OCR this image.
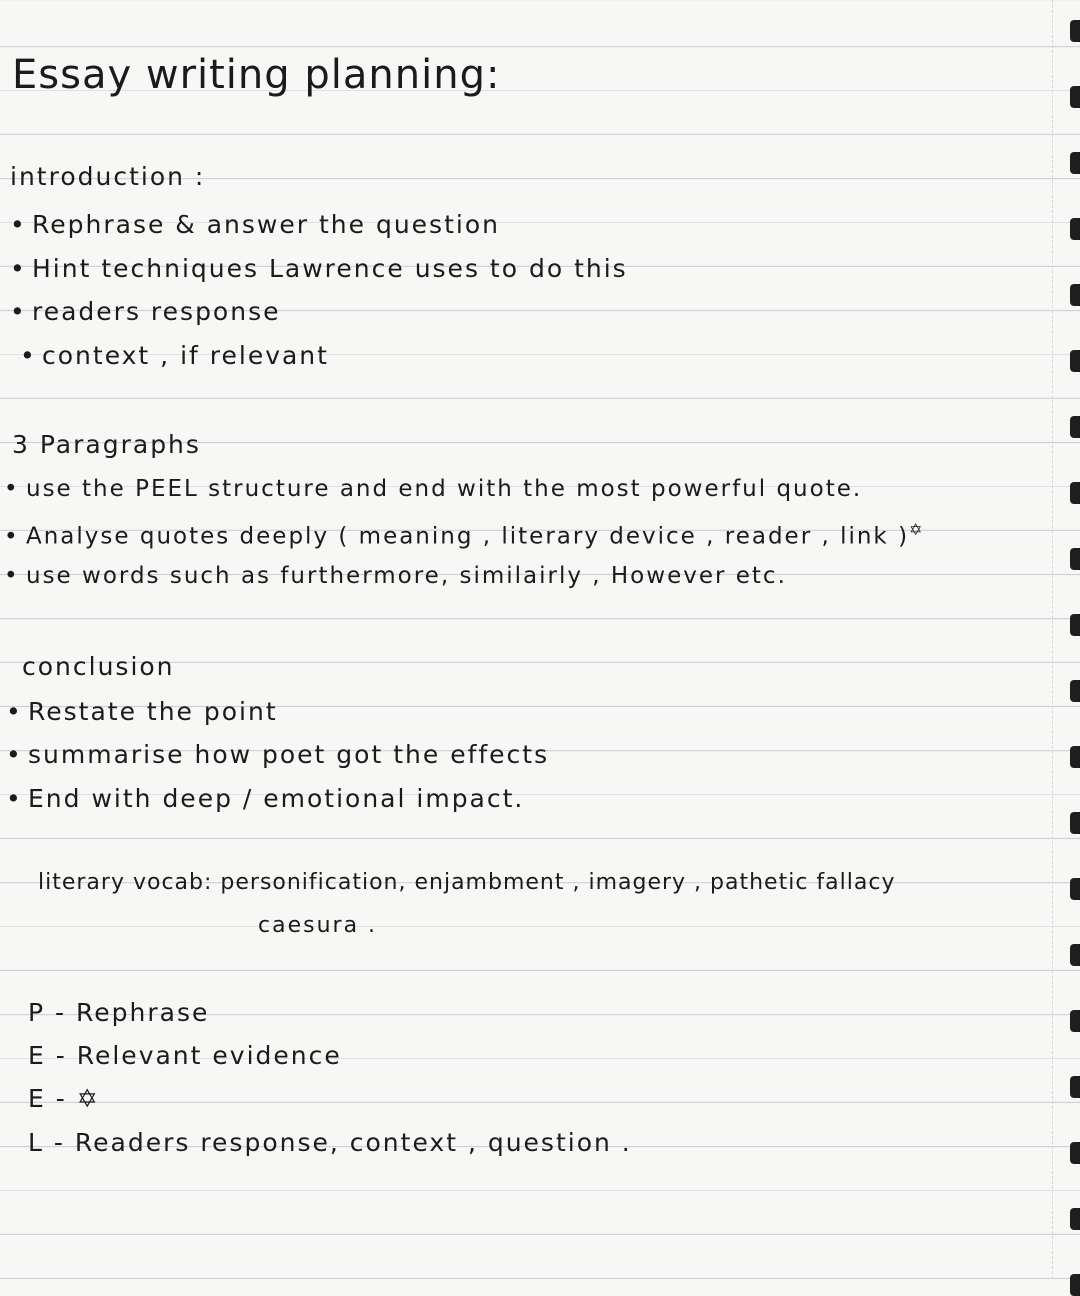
Essay writing planning:
introduction :
• Rephrase & answer the question
• Hint techniques Lawrence uses to do this
• readers response
• context , if relevant
3 Paragraphs
• use the PEEL structure and end with the most powerful quote.
• Analyse quotes deeply ( meaning , literary device , reader , link )✡
• use words such as furthermore, similairly , However etc.
conclusion
• Restate the point
• summarise how poet got the effects
• End with deep / emotional impact.
literary vocab: personification, enjambment , imagery , pathetic fallacy
caesura .
P - Rephrase
E - Relevant evidence
E - ✡
L - Readers response, context , question .
